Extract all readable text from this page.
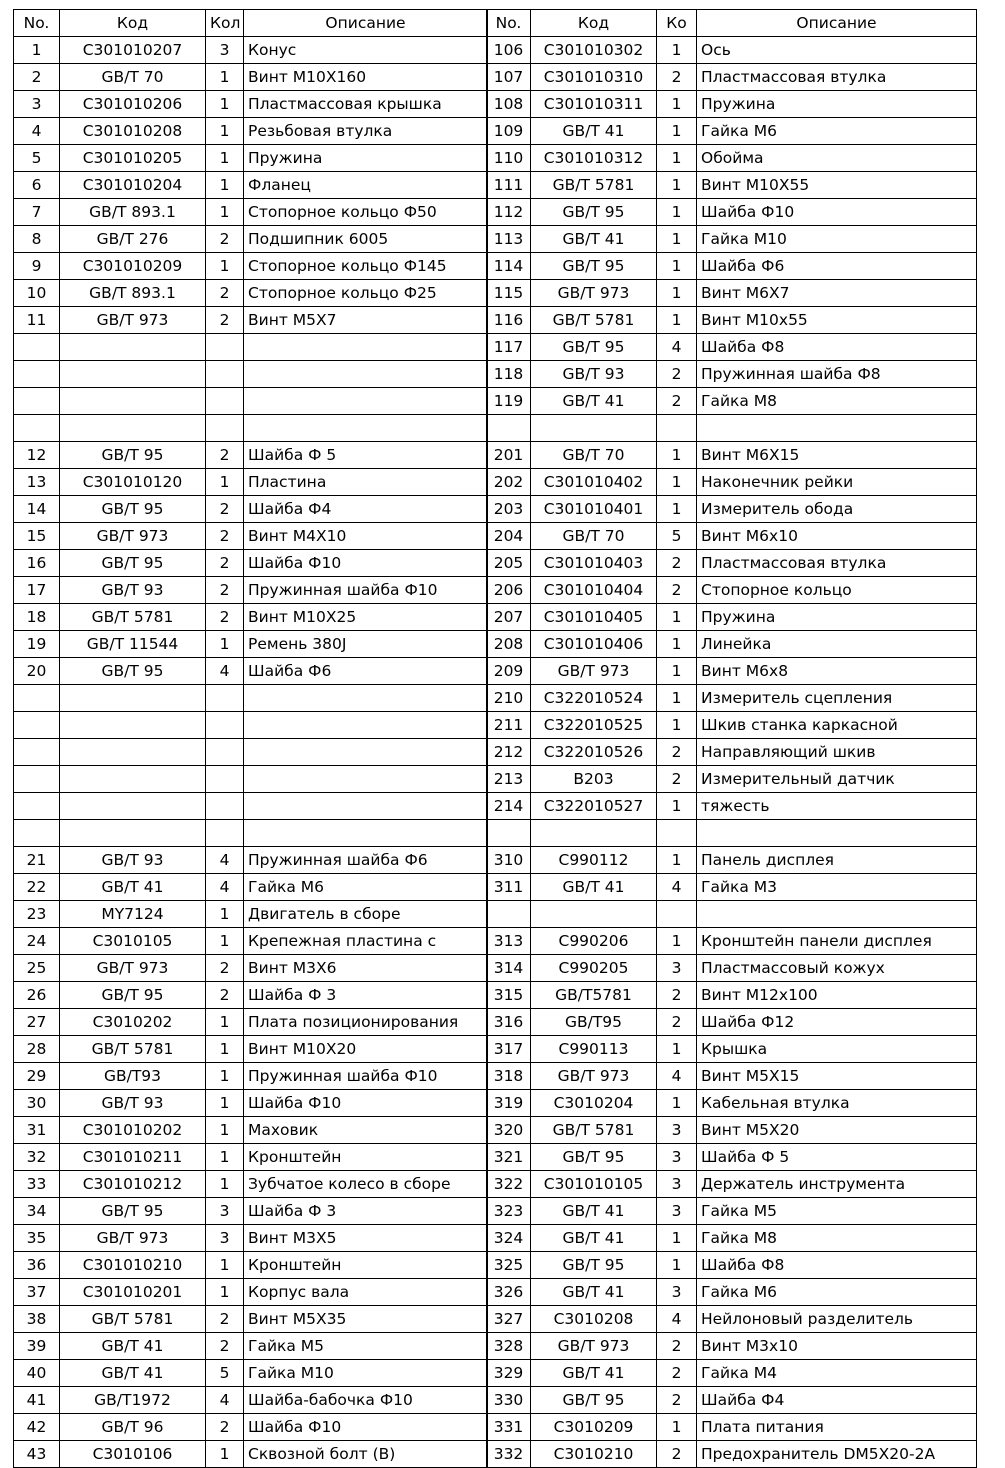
No.	Код	Кол	Описание
1	C301010207	3	Конус
2	GB/T 70	1	Винт M10X160
3	C301010206	1	Пластмассовая крышка
4	C301010208	1	Резьбовая втулка
5	C301010205	1	Пружина
6	C301010204	1	Фланец
7	GB/T 893.1	1	Стопорное кольцо Ф50
8	GB/T 276	2	Подшипник 6005
9	C301010209	1	Стопорное кольцо Ф145
10	GB/T 893.1	2	Стопорное кольцо Ф25
11	GB/T 973	2	Винт M5X7

12	GB/T 95	2	Шайба Ф 5
13	C301010120	1	Пластина
14	GB/T 95	2	Шайба Ф4
15	GB/T 973	2	Винт M4X10
16	GB/T 95	2	Шайба Ф10
17	GB/T 93	2	Пружинная шайба Ф10
18	GB/T 5781	2	Винт M10X25
19	GB/T 11544	1	Ремень 380J
20	GB/T 95	4	Шайба Ф6

21	GB/T 93	4	Пружинная шайба Ф6
22	GB/T 41	4	Гайка M6
23	MY7124	1	Двигатель в сборе
24	C3010105	1	Крепежная пластина с
25	GB/T 973	2	Винт M3X6
26	GB/T 95	2	Шайба Ф 3
27	C3010202	1	Плата позиционирования
28	GB/T 5781	1	Винт M10X20
29	GB/T93	1	Пружинная шайба Ф10
30	GB/T 93	1	Шайба Ф10
31	C301010202	1	Маховик
32	C301010211	1	Кронштейн
33	C301010212	1	Зубчатое колесо в сборе
34	GB/T 95	3	Шайба Ф 3
35	GB/T 973	3	Винт M3X5
36	C301010210	1	Кронштейн
37	C301010201	1	Корпус вала
38	GB/T 5781	2	Винт M5X35
39	GB/T 41	2	Гайка M5
40	GB/T 41	5	Гайка M10
41	GB/T1972	4	Шайба-бабочка Ф10
42	GB/T 96	2	Шайба Ф10
43	C3010106	1	Сквозной болт (B)
No.	Код	Ко	Описание
106	C301010302	1	Ось
107	C301010310	2	Пластмассовая втулка
108	C301010311	1	Пружина
109	GB/T 41	1	Гайка M6
110	C301010312	1	Обойма
111	GB/T 5781	1	Винт M10X55
112	GB/T 95	1	Шайба Ф10
113	GB/T 41	1	Гайка M10
114	GB/T 95	1	Шайба Ф6
115	GB/T 973	1	Винт M6X7
116	GB/T 5781	1	Винт M10x55
117	GB/T 95	4	Шайба Ф8
118	GB/T 93	2	Пружинная шайба Ф8
119	GB/T 41	2	Гайка M8

201	GB/T 70	1	Винт M6X15
202	C301010402	1	Наконечник рейки
203	C301010401	1	Измеритель обода
204	GB/T 70	5	Винт M6x10
205	C301010403	2	Пластмассовая втулка
206	C301010404	2	Стопорное кольцо
207	C301010405	1	Пружина
208	C301010406	1	Линейка
209	GB/T 973	1	Винт M6x8
210	C322010524	1	Измеритель сцепления
211	C322010525	1	Шкив станка каркасной
212	C322010526	2	Направляющий шкив
213	B203	2	Измерительный датчик
214	C322010527	1	тяжесть

310	C990112	1	Панель дисплея
311	GB/T 41	4	Гайка M3

313	C990206	1	Кронштейн панели дисплея
314	C990205	3	Пластмассовый кожух
315	GB/T5781	2	Винт M12x100
316	GB/T95	2	Шайба Ф12
317	C990113	1	Крышка
318	GB/T 973	4	Винт M5X15
319	C3010204	1	Кабельная втулка
320	GB/T 5781	3	Винт M5X20
321	GB/T 95	3	Шайба Ф 5
322	C301010105	3	Держатель инструмента
323	GB/T 41	3	Гайка M5
324	GB/T 41	1	Гайка M8
325	GB/T 95	1	Шайба Ф8
326	GB/T 41	3	Гайка M6
327	C3010208	4	Нейлоновый разделитель
328	GB/T 973	2	Винт M3x10
329	GB/T 41	2	Гайка M4
330	GB/T 95	2	Шайба Ф4
331	C3010209	1	Плата питания
332	C3010210	2	Предохранитель DM5X20-2A
